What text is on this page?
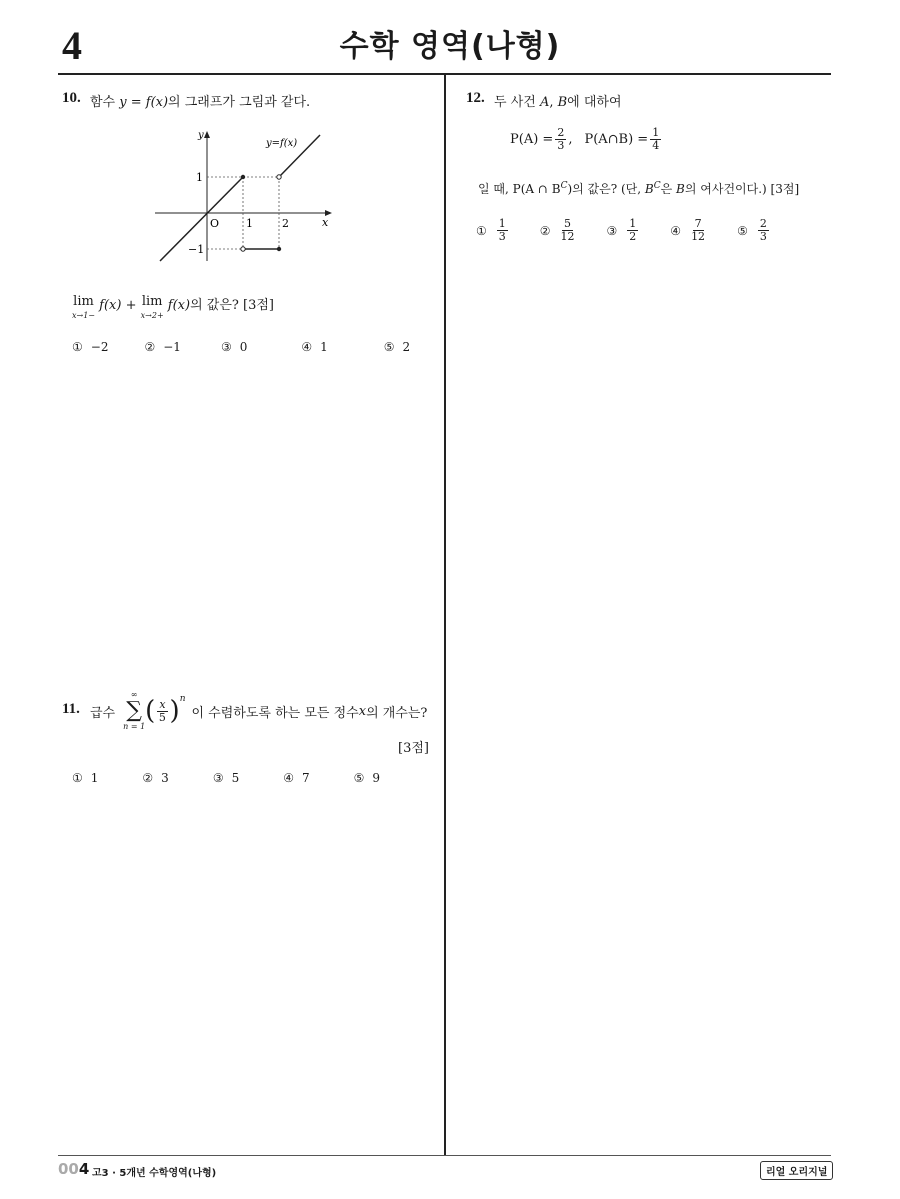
4	수학 영역(나형)
10. 함수 y = f(x)의 그래프가 그림과 같다.
y
x
O 1	2
1
−1
y=f(x)
lim
x→1−
f(x) + lim
x→2+
f(x)의 값은? [3점]
① −2	② −1	③ 0	④ 1	⑤ 2
11. 급수
∞
∑
n = 1
( $\frac{x}{5}$ ) n
이 수렴하도록 하는 모든 정수 x 의 개수는?
[3점]
① 1	② 3	③ 5	④ 7	⑤ 9
12. 두 사건 A, B에 대하여
$P(A) = \frac{2}{3}$ , P(A∩B) = $\frac{1}{4}$
일 때, P(A ∩ $B^C$)의 값은? (단, $B^C$은 B의 여사건이다.) [3점]
① $\frac{1}{3}$	② $\frac{5}{12}$	③ $\frac{1}{2}$	④ $\frac{7}{12}$	⑤ $\frac{2}{3}$
004 고3 · 5개년 수학영역(나형)	리얼 오리지널
